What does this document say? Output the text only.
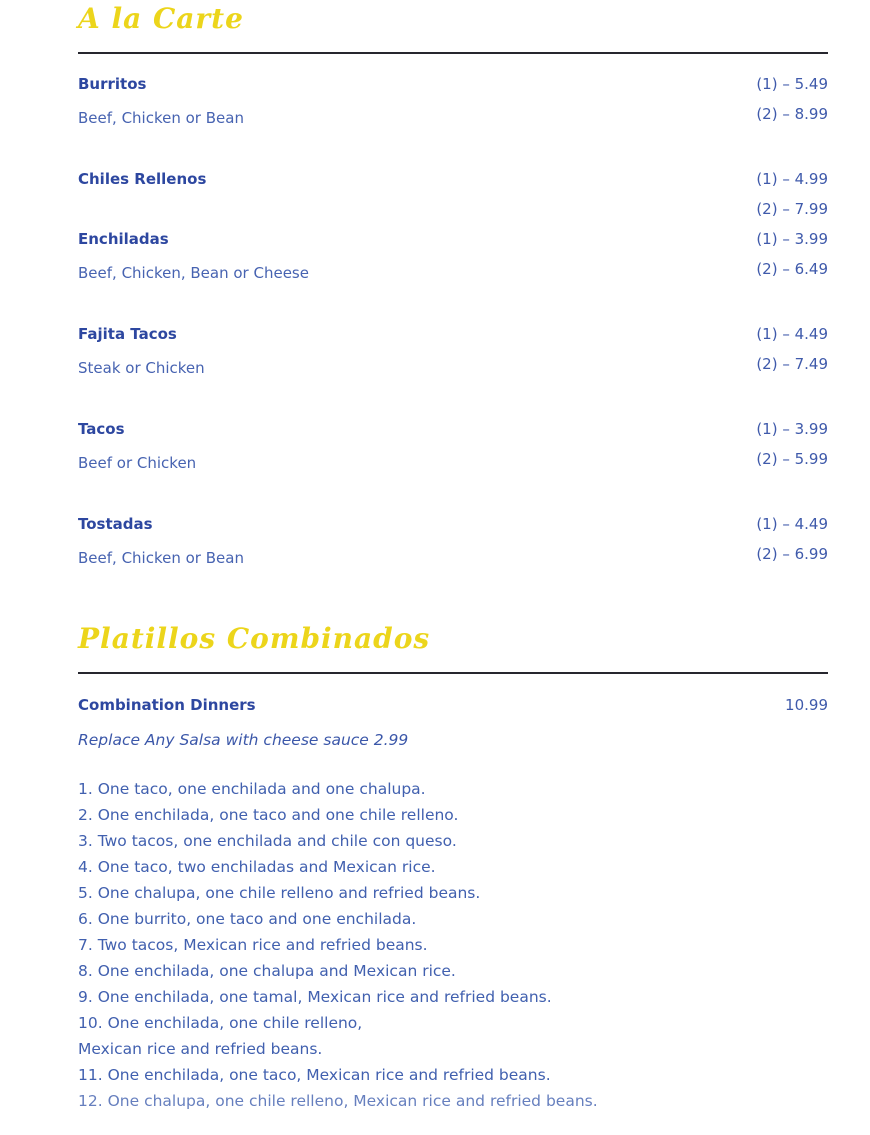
A la Carte
Burritos
Beef, Chicken or Bean
(1) – 5.49
(2) – 8.99
Chiles Rellenos	(1) – 4.99
(2) – 7.99
Enchiladas
Beef, Chicken, Bean or Cheese
(1) – 3.99
(2) – 6.49
Fajita Tacos
Steak or Chicken
(1) – 4.49
(2) – 7.49
Tacos
Beef or Chicken
(1) – 3.99
(2) – 5.99
Tostadas
Beef, Chicken or Bean
(1) – 4.49
(2) – 6.99
Platillos Combinados
Combination Dinners	10.99
Replace Any Salsa with cheese sauce 2.99
1. One taco, one enchilada and one chalupa.
2. One enchilada, one taco and one chile relleno.
3. Two tacos, one enchilada and chile con queso.
4. One taco, two enchiladas and Mexican rice.
5. One chalupa, one chile relleno and refried beans.
6. One burrito, one taco and one enchilada.
7. Two tacos, Mexican rice and refried beans.
8. One enchilada, one chalupa and Mexican rice.
9. One enchilada, one tamal, Mexican rice and refried beans.
10. One enchilada, one chile relleno,
Mexican rice and refried beans.
11. One enchilada, one taco, Mexican rice and refried beans.
12. One chalupa, one chile relleno, Mexican rice and refried beans.
